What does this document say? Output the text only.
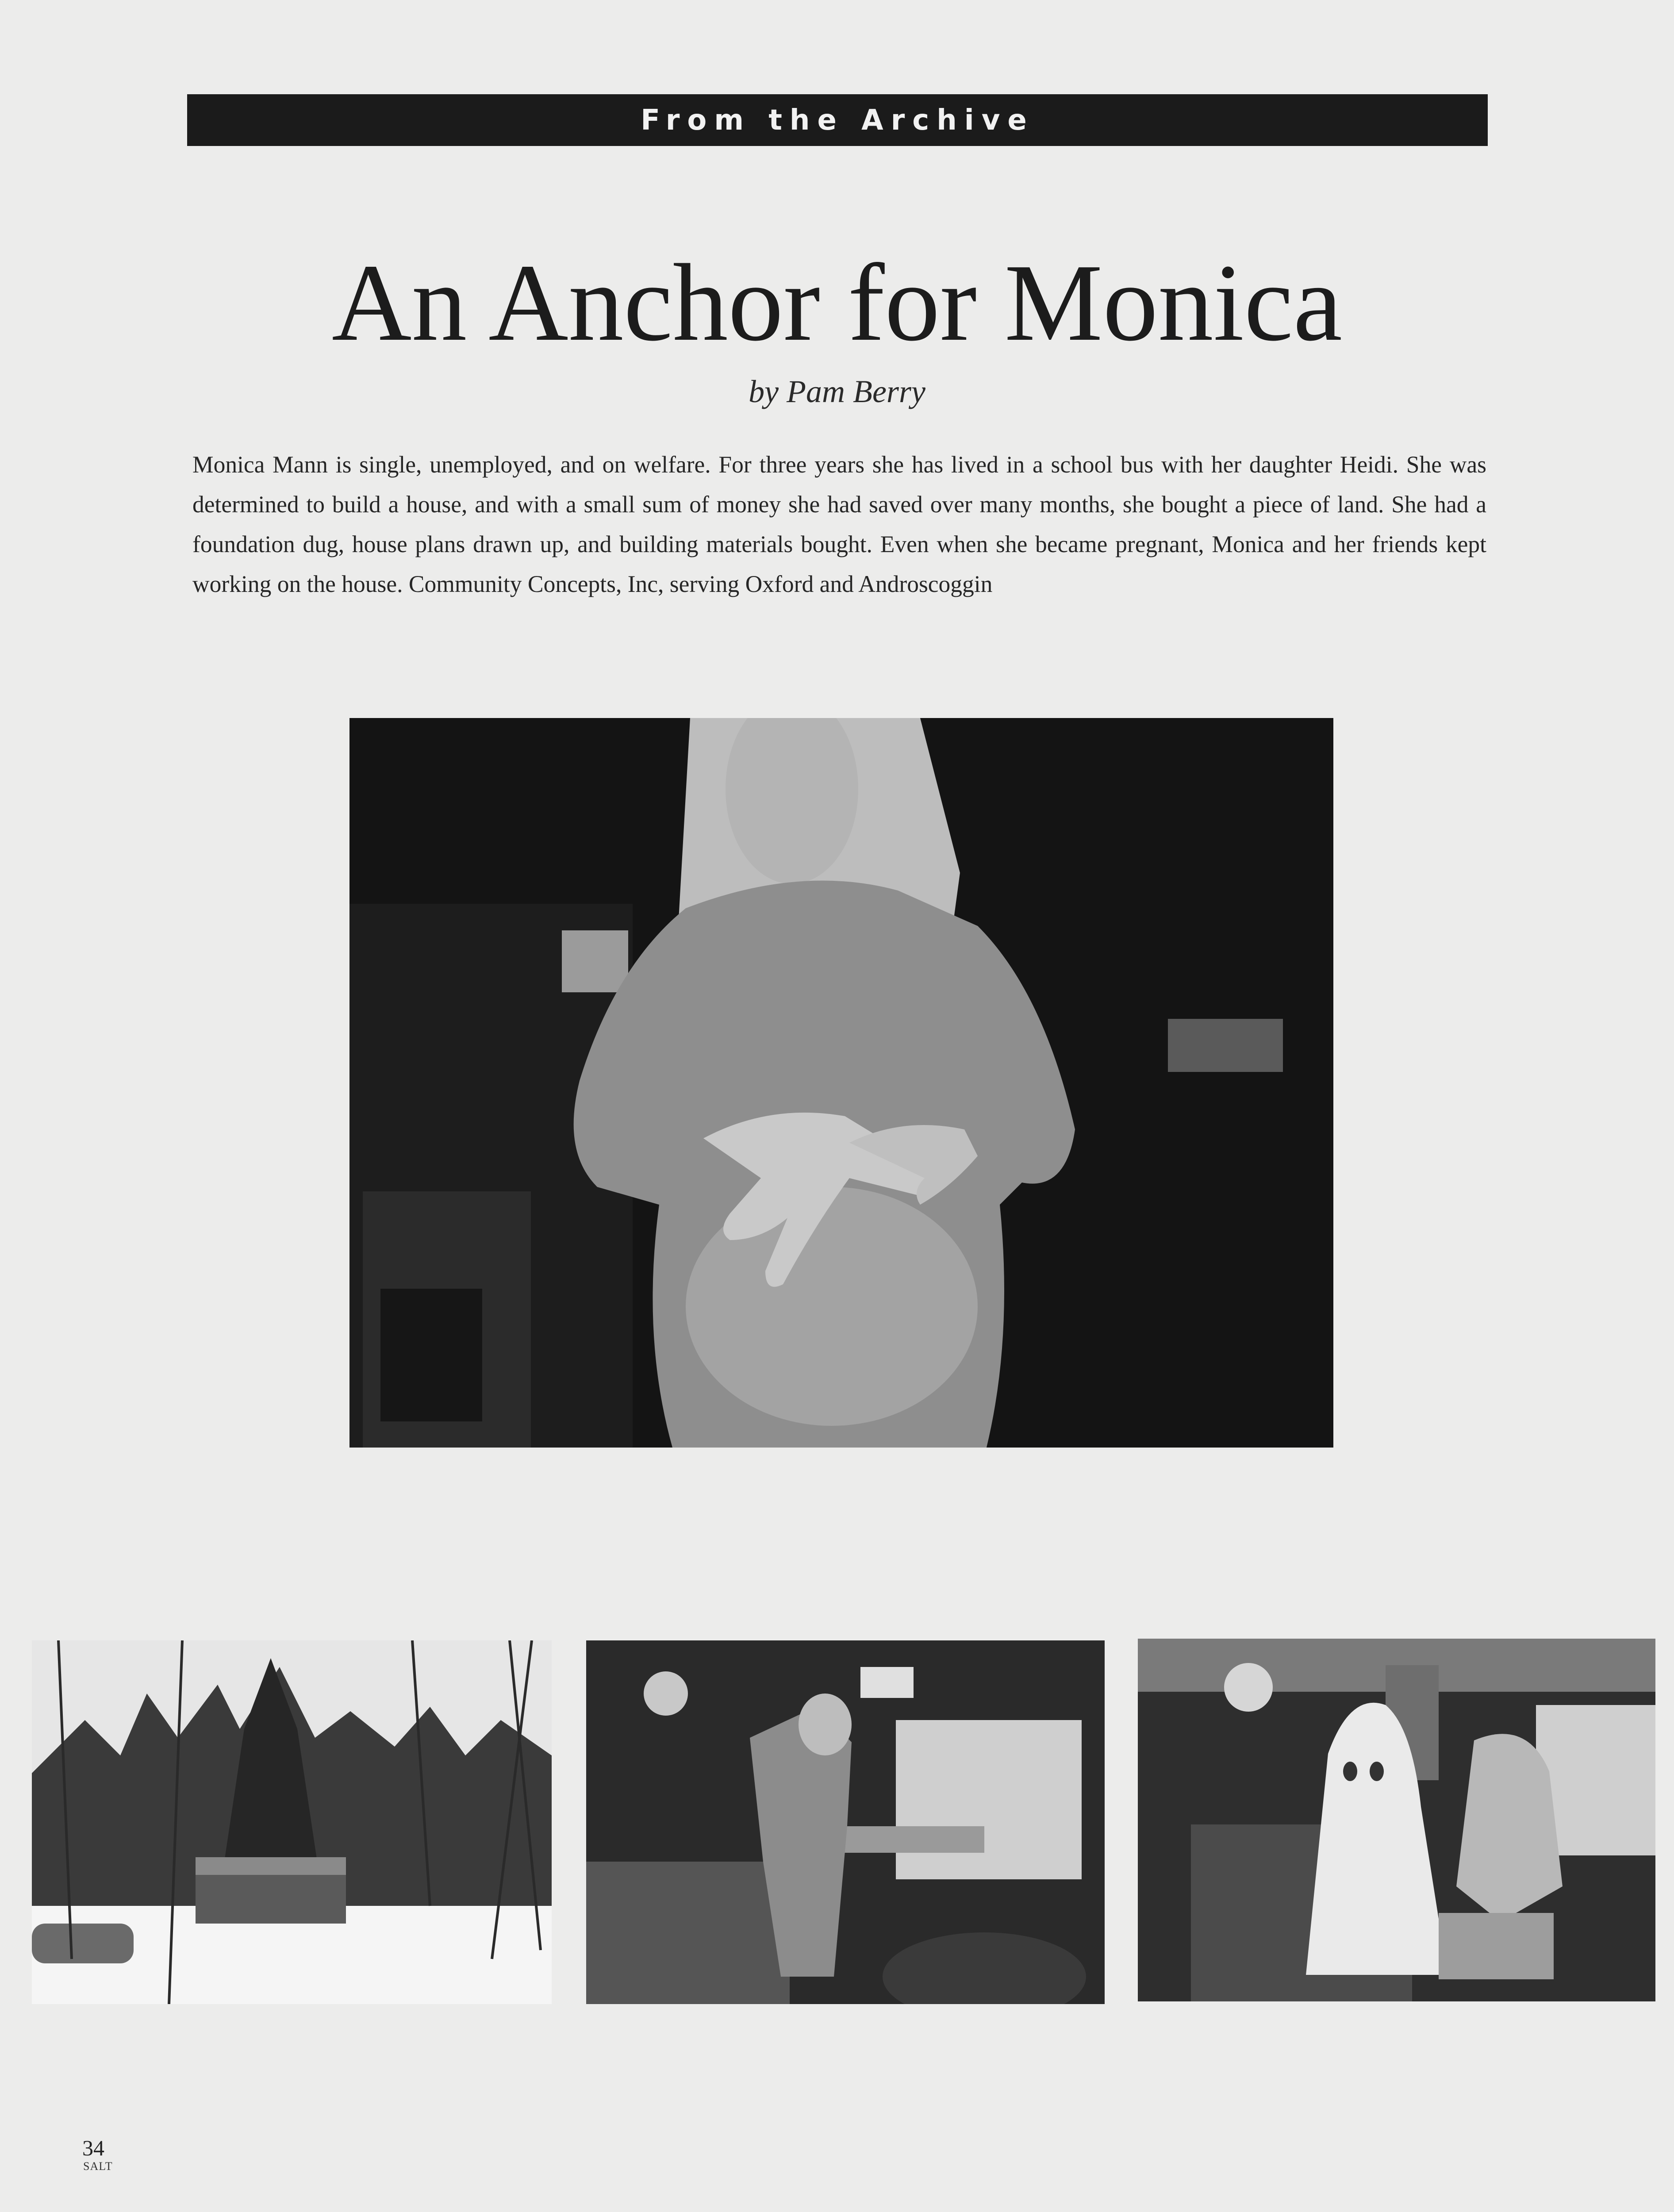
From the Archive
An Anchor for Monica
by Pam Berry
Monica Mann is single, unemployed, and on welfare. For three years she has lived in a school bus with her daughter Heidi. She was determined to build a house, and with a small sum of money she had saved over many months, she bought a piece of land. She had a foundation dug, house plans drawn up, and building materials bought. Even when she became pregnant, Monica and her friends kept working on the house. Community Concepts, Inc, serving Oxford and Androscoggin
34
SALT
